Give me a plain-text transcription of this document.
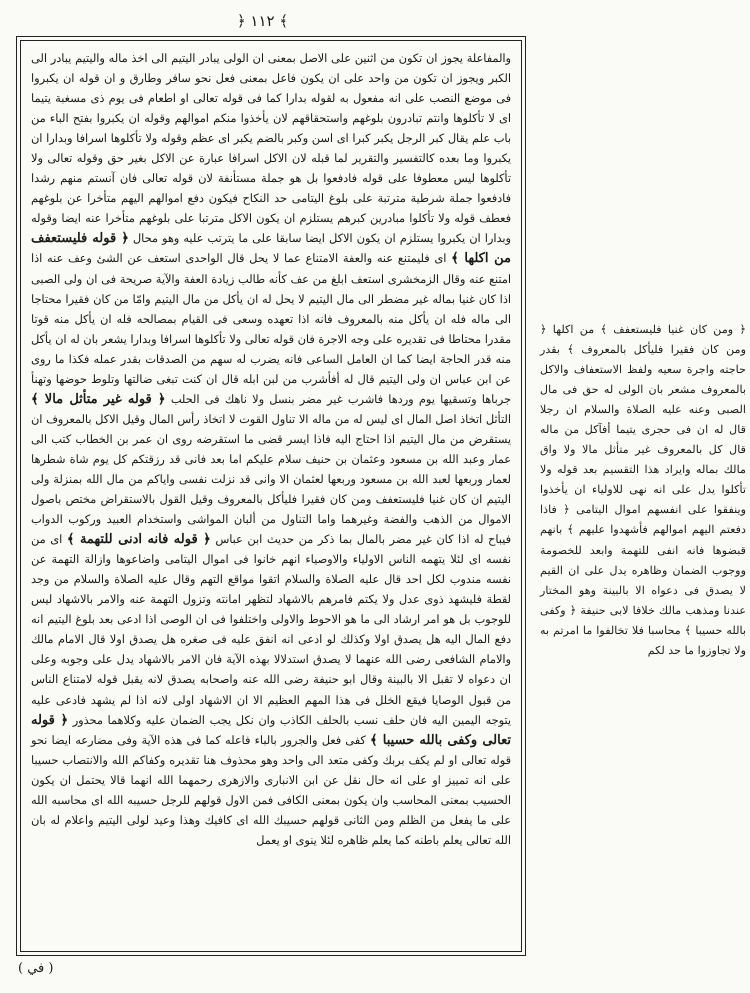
﴿ ١١٢ ﴾

والمفاعلة يجوز ان تكون من اثنين على الاصل بمعنى ان الولى يبادر اليتيم الى اخذ ماله واليتيم يبادر الى الكبر ويجوز ان تكون من واحد على ان يكون فاعل بمعنى فعل نحو سافر وطارق و ان قوله ان يكبروا فى موضع النصب على انه مفعول به لقوله بدارا كما فى قوله تعالى او اطعام فى يوم ذى مسغبة يتيما اى لا تأكلوها وانتم تبادرون بلوغهم واستحقاقهم لان يأخذوا منكم اموالهم وقوله ان يكبروا بفتح الباء من باب علم يقال كبر الرجل يكبر كبرا اى اسن وكبر بالضم يكبر اى عظم وقوله ولا تأكلوها اسرافا وبدارا ان يكبروا وما بعده كالتفسير والتقرير لما قبله لان الاكل اسرافا عبارة عن الاكل بغير حق وقوله تعالى ولا تأكلوها ليس معطوفا على قوله فادفعوا بل هو جملة مستأنفة لان قوله تعالى فان آنستم منهم رشدا فادفعوا جملة شرطية مترتبة على بلوغ اليتامى حد النكاح فيكون دفع اموالهم اليهم متأخرا عن بلوغهم فعطف قوله ولا تأكلوا مبادرين كبرهم يستلزم ان يكون الاكل مترتبا على بلوغهم متأخرا عنه ايضا وقوله وبدارا ان يكبروا يستلزم ان يكون الاكل ايضا سابقا على ما يترتب عليه وهو محال ﴿ قوله فليستعفف من اكلها ﴾ اى فليمتنع عنه والعفة الامتناع عما لا يحل قال الواحدى استعف عن الشئ وعف عنه اذا امتنع عنه وقال الزمخشرى استعف ابلغ من عف كأنه طالب زيادة العفة والآية صريحة فى ان ولى الصبى اذا كان غنيا بماله غير مضطر الى مال اليتيم لا يحل له ان يأكل من مال اليتيم وامّا من كان فقيرا محتاجا الى ماله فله ان يأكل منه بالمعروف فانه اذا تعهده وسعى فى القيام بمصالحه فله ان يأكل منه قوتا مقدرا محتاطا فى تقديره على وجه الاجرة فان قوله تعالى ولا تأكلوها اسرافا وبدارا يشعر بان له ان يأكل منه قدر الحاجة ايضا كما ان العامل الساعى فانه يضرب له سهم من الصدقات بقدر عمله فكذا ما روى عن ابن عباس ان ولى اليتيم قال له أفأشرب من لبن ابله قال ان كنت تبغى ضالتها وتلوط حوضها وتهنأ جرباها وتسقيها يوم وردها فاشرب غير مضر بنسل ولا ناهك فى الحلب ﴿ قوله غير متأثل مالا ﴾ التأثل اتخاذ اصل المال اى ليس له من ماله الا تناول القوت لا اتخاذ رأس المال وقيل الاكل بالمعروف ان يستقرض من مال اليتيم اذا احتاج اليه فاذا ايسر قضى ما استقرضه روى ان عمر بن الخطاب كتب الى عمار وعبد الله بن مسعود وعثمان بن حنيف سلام عليكم اما بعد فانى قد رزقتكم كل يوم شاة شطرها لعمار وربعها لعبد الله بن مسعود وربعها لعثمان الا وانى قد نزلت نفسى واياكم من مال الله بمنزلة ولى اليتيم ان كان غنيا فليستعفف ومن كان فقيرا فليأكل بالمعروف وقيل القول بالاستقراض مختص باصول الاموال من الذهب والفضة وغيرهما واما التناول من ألبان المواشى واستخدام العبيد وركوب الدواب فيباح له اذا كان غير مضر بالمال بما ذكر من حديث ابن عباس ﴿ قوله فانه ادنى للتهمة ﴾ اى من نفسه اى لئلا يتهمه الناس الاولياء والاوصياء انهم خانوا فى اموال اليتامى واضاعوها وازالة التهمة عن نفسه مندوب لكل احد قال عليه الصلاة والسلام اتقوا مواقع التهم وقال عليه الصلاة والسلام من وجد لقطة فليشهد ذوى عدل ولا يكتم فامرهم بالاشهاد لتظهر امانته وتزول التهمة عنه والامر بالاشهاد ليس للوجوب بل هو امر ارشاد الى ما هو الاحوط والاولى واختلفوا فى ان الوصى اذا ادعى بعد بلوغ اليتيم انه دفع المال اليه هل يصدق اولا وكذلك لو ادعى انه انفق عليه فى صغره هل يصدق اولا قال الامام مالك والامام الشافعى رضى الله عنهما لا يصدق استدلالا بهذه الآية فان الامر بالاشهاد يدل على وجوبه وعلى ان دعواه لا تقبل الا بالبينة وقال ابو حنيفة رضى الله عنه واصحابه يصدق لانه يقبل قوله لامتناع الناس من قبول الوصايا فيقع الخلل فى هذا المهم العظيم الا ان الاشهاد اولى لانه اذا لم يشهد فادعى عليه يتوجه اليمين اليه فان حلف نسب بالحلف الكاذب وان نكل يجب الضمان عليه وكلاهما محذور ﴿ قوله تعالى وكفى بالله حسيبا ﴾ كفى فعل والجرور بالباء فاعله كما فى هذه الآية وفى مضارعه ايضا نحو قوله تعالى او لم يكف بربك وكفى متعد الى واحد وهو محذوف هنا تقديره وكفاكم الله والانتصاب حسيبا على انه تمييز او على انه حال نقل عن ابن الانبارى والازهرى رحمهما الله انهما قالا يحتمل ان يكون الحسيب بمعنى المحاسب وان يكون بمعنى الكافى فمن الاول قولهم للرجل حسيبه الله اى محاسبه الله على ما يفعل من الظلم ومن الثانى قولهم حسيبك الله اى كافيك وهذا وعيد لولى اليتيم واعلام له بان الله تعالى يعلم باطنه كما يعلم ظاهره لئلا ينوى او يعمل

﴿ ومن كان غنيا فليستعفف ﴾ من اكلها ﴿ ومن كان فقيرا فليأكل بالمعروف ﴾ بقدر حاجته واجرة سعيه ولفظ الاستعفاف والاكل بالمعروف مشعر بان الولى له حق فى مال الصبى وعنه عليه الصلاة والسلام ان رجلا قال له ان فى حجرى يتيما أفآكل من ماله قال كل بالمعروف غير متأثل مالا ولا واق مالك بماله وايراد هذا التقسيم بعد قوله ولا تأكلوا يدل على انه نهى للاولياء ان يأخذوا وينفقوا على انفسهم اموال اليتامى ﴿ فاذا دفعتم اليهم اموالهم فأشهدوا عليهم ﴾ بانهم قبضوها فانه انفى للتهمة وابعد للخصومة ووجوب الضمان وظاهره يدل على ان القيم لا يصدق فى دعواه الا بالبينة وهو المختار عندنا ومذهب مالك خلافا لابى حنيفة ﴿ وكفى بالله حسيبا ﴾ محاسبا فلا تخالفوا ما امرتم به ولا تجاوزوا ما حد لكم

( في )
